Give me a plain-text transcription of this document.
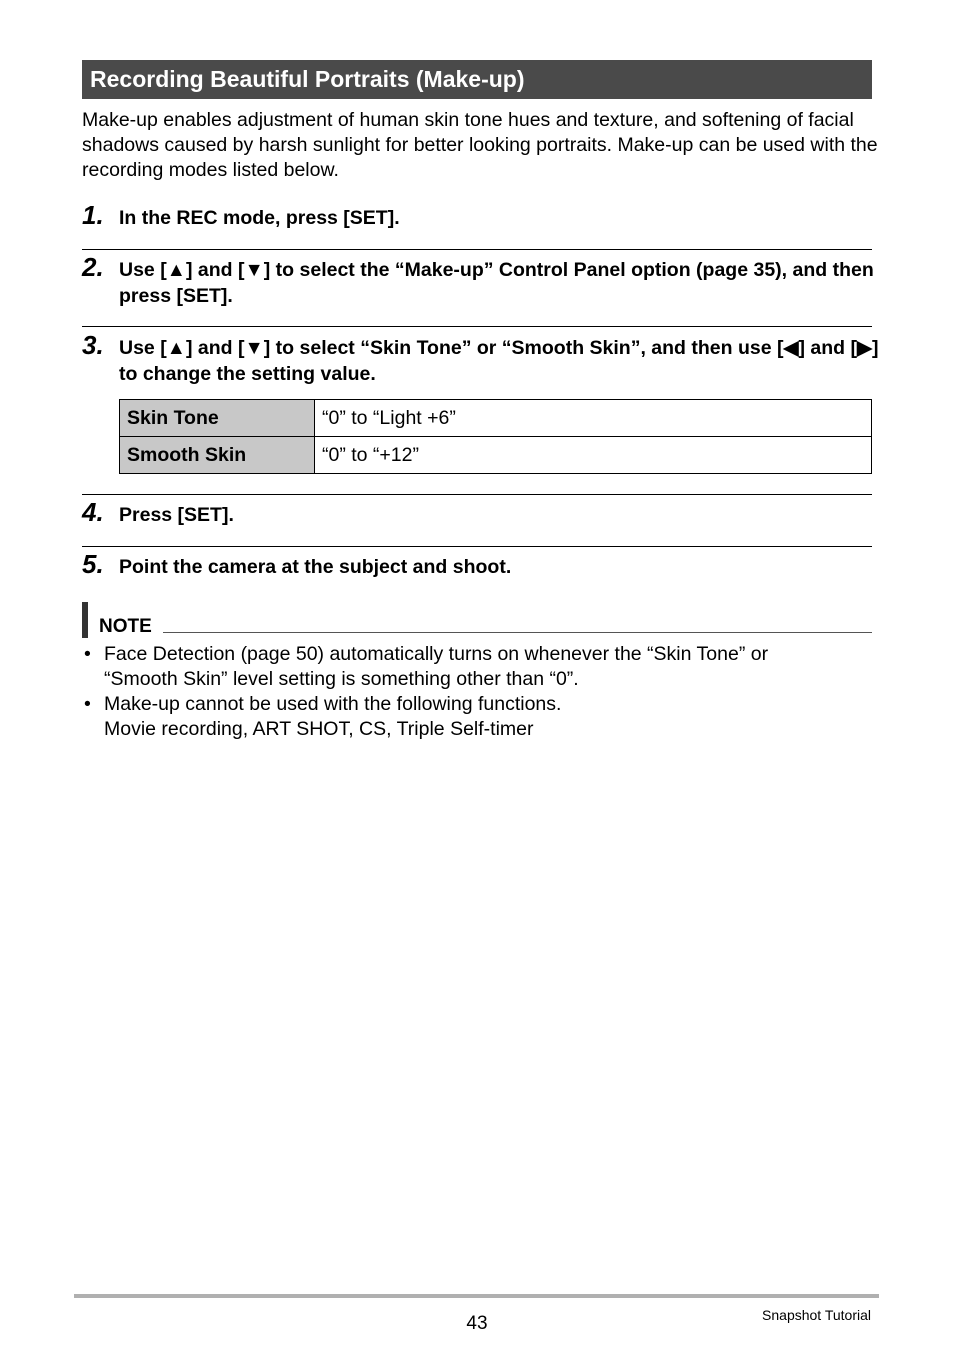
Recording Beautiful Portraits (Make-up)

Make-up enables adjustment of human skin tone hues and texture, and softening of facial shadows caused by harsh sunlight for better looking portraits. Make-up can be used with the recording modes listed below.

1. In the REC mode, press [SET].
2. Use [▲] and [▼] to select the “Make-up” Control Panel option (page 35), and then press [SET].
3. Use [▲] and [▼] to select “Skin Tone” or “Smooth Skin”, and then use [◀] and [▶] to change the setting value.
Skin Tone	“0” to “Light +6”
Smooth Skin	“0” to “+12”
4. Press [SET].
5. Point the camera at the subject and shoot.
NOTE
• Face Detection (page 50) automatically turns on whenever the “Skin Tone” or
“Smooth Skin” level setting is something other than “0”.
• Make-up cannot be used with the following functions.
Movie recording, ART SHOT, CS, Triple Self-timer
43	Snapshot Tutorial
